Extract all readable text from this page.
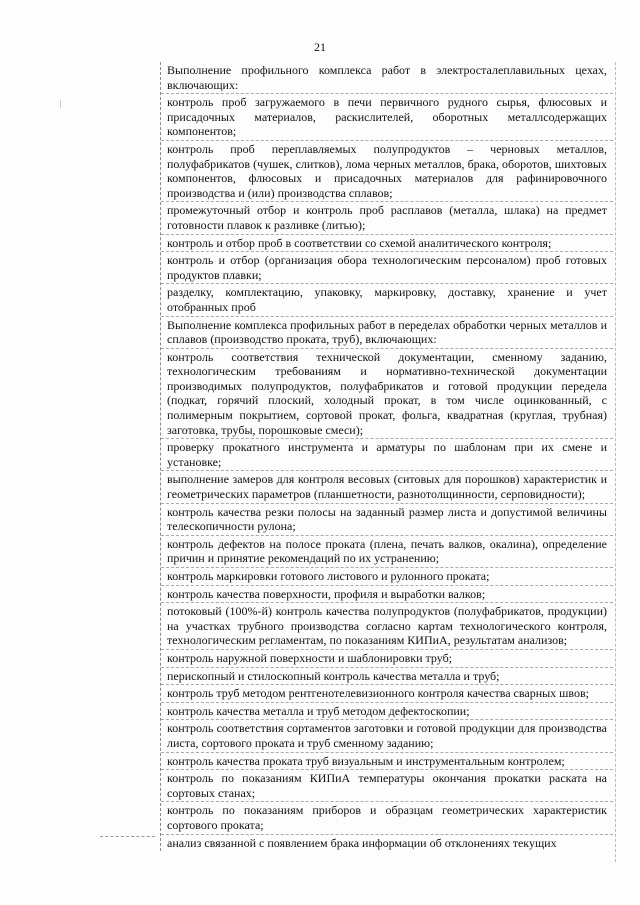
21
Выполнение профильного комплекса работ в электросталеплавильных цехах, включающих:
контроль проб загружаемого в печи первичного рудного сырья, флюсовых и присадочных материалов, раскислителей, оборотных металлсодержащих компонентов;
контроль проб переплавляемых полупродуктов – черновых металлов, полуфабрикатов (чушек, слитков), лома черных металлов, брака, оборотов, шихтовых компонентов, флюсовых и присадочных материалов для рафинировочного производства и (или) производства сплавов;
промежуточный отбор и контроль проб расплавов (металла, шлака) на предмет готовности плавок к разливке (литью);
контроль и отбор проб в соответствии со схемой аналитического контроля;
контроль и отбор (организация обора технологическим персоналом) проб готовых продуктов плавки;
разделку, комплектацию, упаковку, маркировку, доставку, хранение и учет отобранных проб
Выполнение комплекса профильных работ в переделах обработки черных металлов и сплавов (производство проката, труб), включающих:
контроль соответствия технической документации, сменному заданию, технологическим требованиям и нормативно-технической документации производимых полупродуктов, полуфабрикатов и готовой продукции передела (подкат, горячий плоский, холодный прокат, в том числе оцинкованный, с полимерным покрытием, сортовой прокат, фольга, квадратная (круглая, трубная) заготовка, трубы, порошковые смеси);
проверку прокатного инструмента и арматуры по шаблонам при их смене и установке;
выполнение замеров для контроля весовых (ситовых для порошков) характеристик и геометрических параметров (планшетности, разнотолщинности, серповидности);
контроль качества резки полосы на заданный размер листа и допустимой величины телескопичности рулона;
контроль дефектов на полосе проката (плена, печать валков, окалина), определение причин и принятие рекомендаций по их устранению;
контроль маркировки готового листового и рулонного проката;
контроль качества поверхности, профиля и выработки валков;
потоковый (100%-й) контроль качества полупродуктов (полуфабрикатов, продукции) на участках трубного производства согласно картам технологического контроля, технологическим регламентам, по показаниям КИПиА, результатам анализов;
контроль наружной поверхности и шаблонировки труб;
перископный и стилоскопный контроль качества металла и труб;
контроль труб методом рентгенотелевизионного контроля качества сварных швов;
контроль качества металла и труб методом дефектоскопии;
контроль соответствия сортаментов заготовки и готовой продукции для производства листа, сортового проката и труб сменному заданию;
контроль качества проката труб визуальным и инструментальным контролем;
контроль по показаниям КИПиА температуры окончания прокатки раската на сортовых станах;
контроль по показаниям приборов и образцам геометрических характеристик сортового проката;
анализ связанной с появлением брака информации об отклонениях текущих
